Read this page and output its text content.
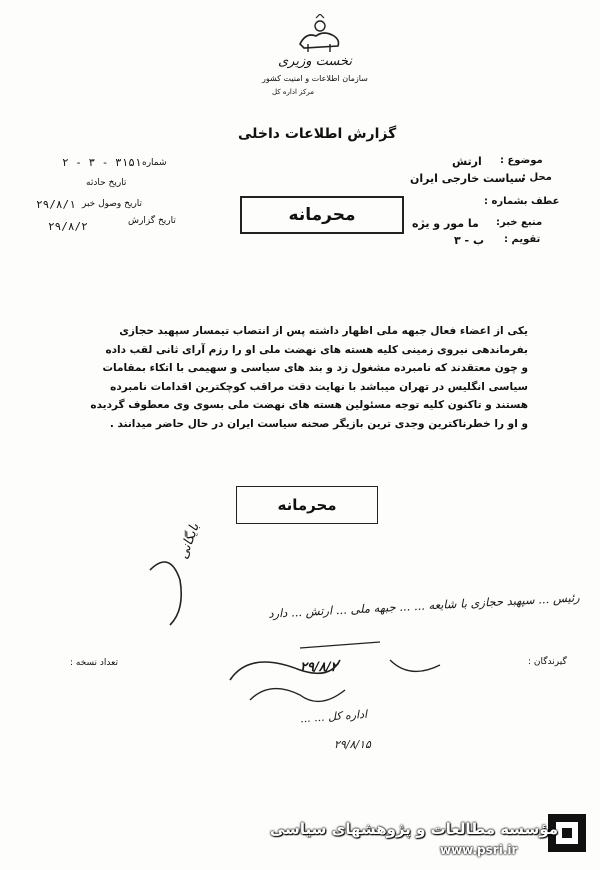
نخست وزیری
سازمان اطلاعات و امنیت کشور
مرکز اداره کل
گزارش اطلاعات داخلی
موضوع :
ارتش
محل :
سیاست خارجی ایران
عطف بشماره :
منبع خبر:
ما مور و یژه
تقویم :
ب - ۳
شماره
۳۱۵۱ - ۳ - ۲
تاریخ حادثه
تاریخ وصول خبر
۲۹/۸/۱
تاریخ گزارش
۲۹/۸/۲
محرمانه
یکی از اعضاء فعال جبهه ملی اظهار داشته پس از انتصاب تیمسار سپهبد حجازی
بفرماندهی نیروی زمینی کلیه هسته های نهضت ملی او را رزم آرای ثانی لقب داده
و چون معتقدند که نامبرده مشغول زد و بند های سیاسی و سهیمی با اتکاء بمقامات
سیاسی انگلیس در تهران میباشد با نهایت دقت مراقب کوچکترین اقدامات نامبرده
هستند و تاکنون کلیه توجه مسئولین هسته های نهضت ملی بسوی وی معطوف گردیده
و او را خطرناکترین وجدی ترین بازیگر صحنه سیاست ایران در حال حاضر میدانند .
محرمانه
بایگانی
رئیس ... سپهبد حجازی با شایعه ... ... جبهه ملی ... ارتش ... دارد
گیرندگان :
تعداد نسخه :	۲۹/۸/۲
اداره کل ... ...
۲۹/۸/۱۵
مؤسسه مطالعات و پژوهشهای سیاسی
www.psri.ir
